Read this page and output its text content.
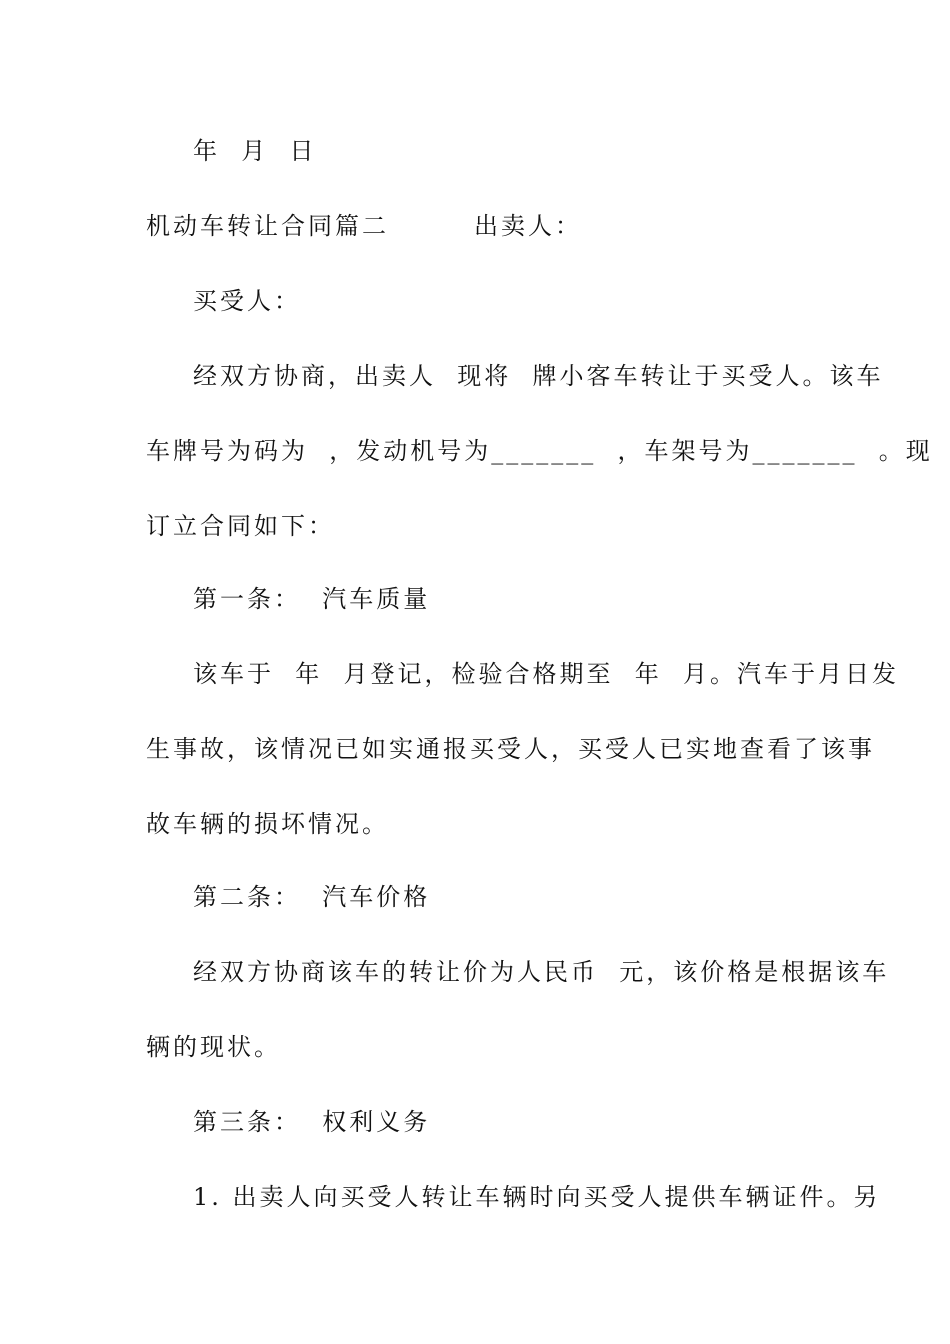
年  月  日
机动车转让合同篇二        出卖人：
买受人：
经双方协商，出卖人  现将  牌小客车转让于买受人。该车
车牌号为码为  ，发动机号为_______  ，车架号为_______  。现
订立合同如下：
第一条：  汽车质量
该车于  年  月登记，检验合格期至  年  月。汽车于月日发
生事故，该情况已如实通报买受人，买受人已实地查看了该事
故车辆的损坏情况。
第二条：  汽车价格
经双方协商该车的转让价为人民币  元，该价格是根据该车
辆的现状。
第三条：  权利义务
1. 出卖人向买受人转让车辆时向买受人提供车辆证件。另
